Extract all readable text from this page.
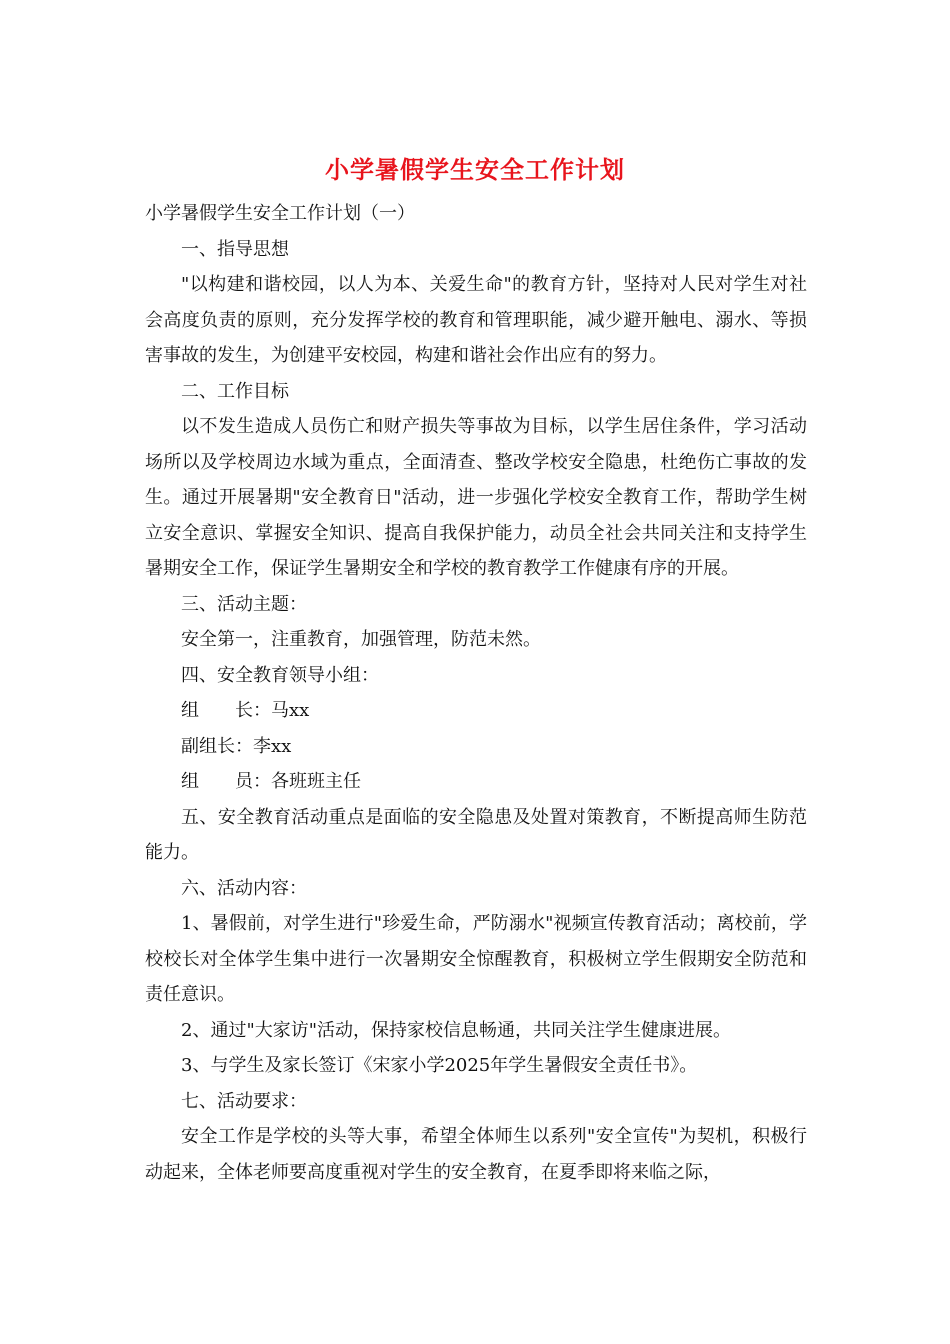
小学暑假学生安全工作计划

小学暑假学生安全工作计划（一）

一、指导思想

"以构建和谐校园，以人为本、关爱生命"的教育方针，坚持对人民对学生对社会高度负责的原则，充分发挥学校的教育和管理职能，减少避开触电、溺水、等损害事故的发生，为创建平安校园，构建和谐社会作出应有的努力。

二、工作目标

以不发生造成人员伤亡和财产损失等事故为目标，以学生居住条件，学习活动场所以及学校周边水域为重点，全面清查、整改学校安全隐患，杜绝伤亡事故的发生。通过开展暑期"安全教育日"活动，进一步强化学校安全教育工作，帮助学生树立安全意识、掌握安全知识、提高自我保护能力，动员全社会共同关注和支持学生暑期安全工作，保证学生暑期安全和学校的教育教学工作健康有序的开展。

三、活动主题：

安全第一，注重教育，加强管理，防范未然。

四、安全教育领导小组：

组　　长：马xx

副组长：李xx

组　　员：各班班主任

五、安全教育活动重点是面临的安全隐患及处置对策教育，不断提高师生防范能力。

六、活动内容：

1、暑假前，对学生进行"珍爱生命，严防溺水"视频宣传教育活动；离校前，学校校长对全体学生集中进行一次暑期安全惊醒教育，积极树立学生假期安全防范和责任意识。

2、通过"大家访"活动，保持家校信息畅通，共同关注学生健康进展。

3、与学生及家长签订《宋家小学2025年学生暑假安全责任书》。

七、活动要求：

安全工作是学校的头等大事，希望全体师生以系列"安全宣传"为契机，积极行动起来，全体老师要高度重视对学生的安全教育，在夏季即将来临之际，
